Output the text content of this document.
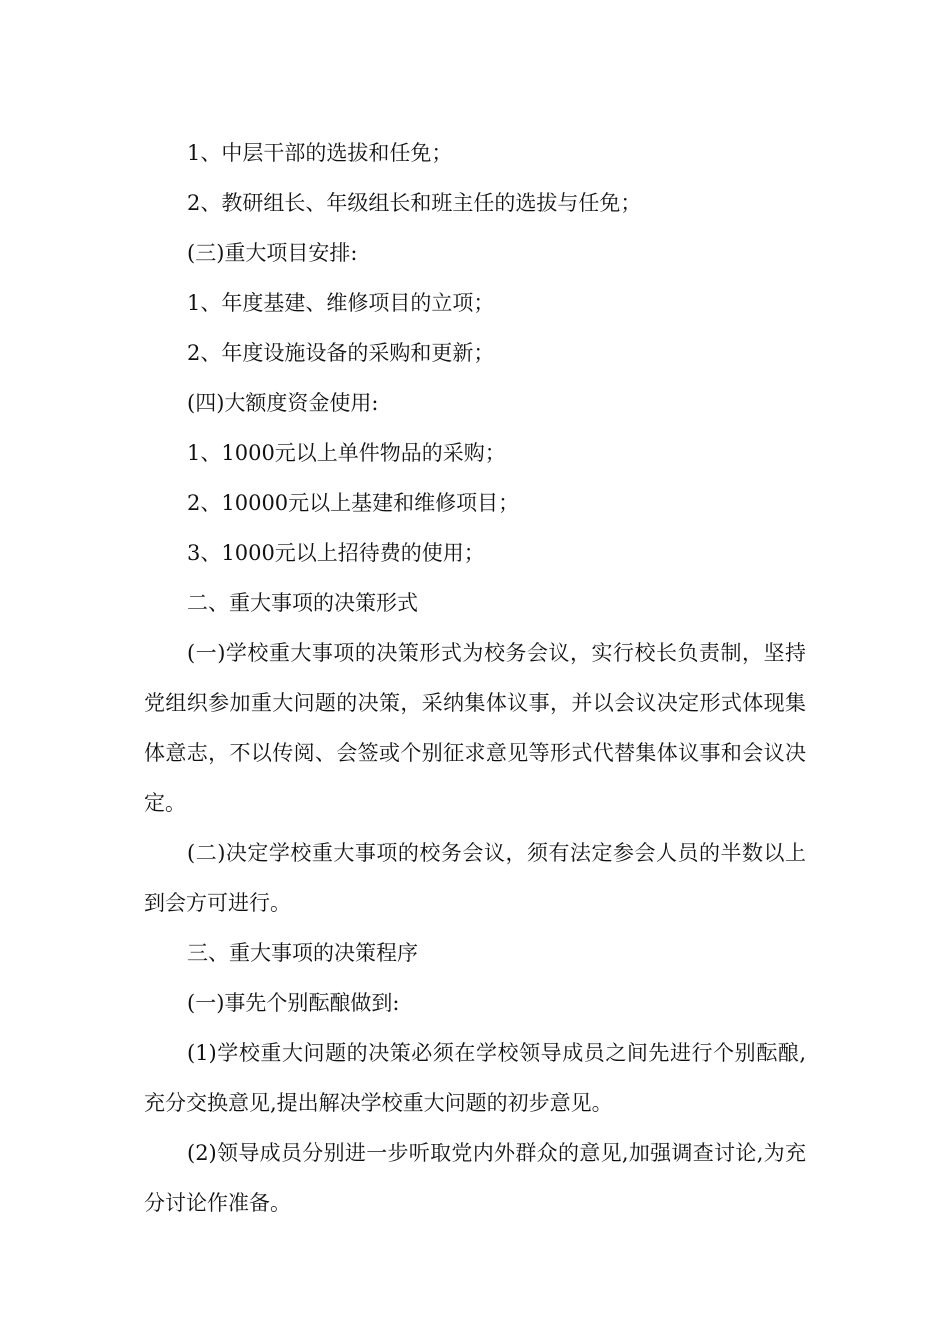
1、中层干部的选拔和任免；

2、教研组长、年级组长和班主任的选拔与任免；

(三)重大项目安排:

1、年度基建、维修项目的立项；

2、年度设施设备的采购和更新；

(四)大额度资金使用:

1、1000元以上单件物品的采购；

2、10000元以上基建和维修项目；

3、1000元以上招待费的使用；

二、重大事项的决策形式

(一)学校重大事项的决策形式为校务会议，实行校长负责制，坚持党组织参加重大问题的决策，采纳集体议事，并以会议决定形式体现集体意志，不以传阅、会签或个别征求意见等形式代替集体议事和会议决定。

(二)决定学校重大事项的校务会议，须有法定参会人员的半数以上到会方可进行。

三、重大事项的决策程序

(一)事先个别酝酿做到:

(1)学校重大问题的决策必须在学校领导成员之间先进行个别酝酿,充分交换意见,提出解决学校重大问题的初步意见。

(2)领导成员分别进一步听取党内外群众的意见,加强调查讨论,为充分讨论作准备。
